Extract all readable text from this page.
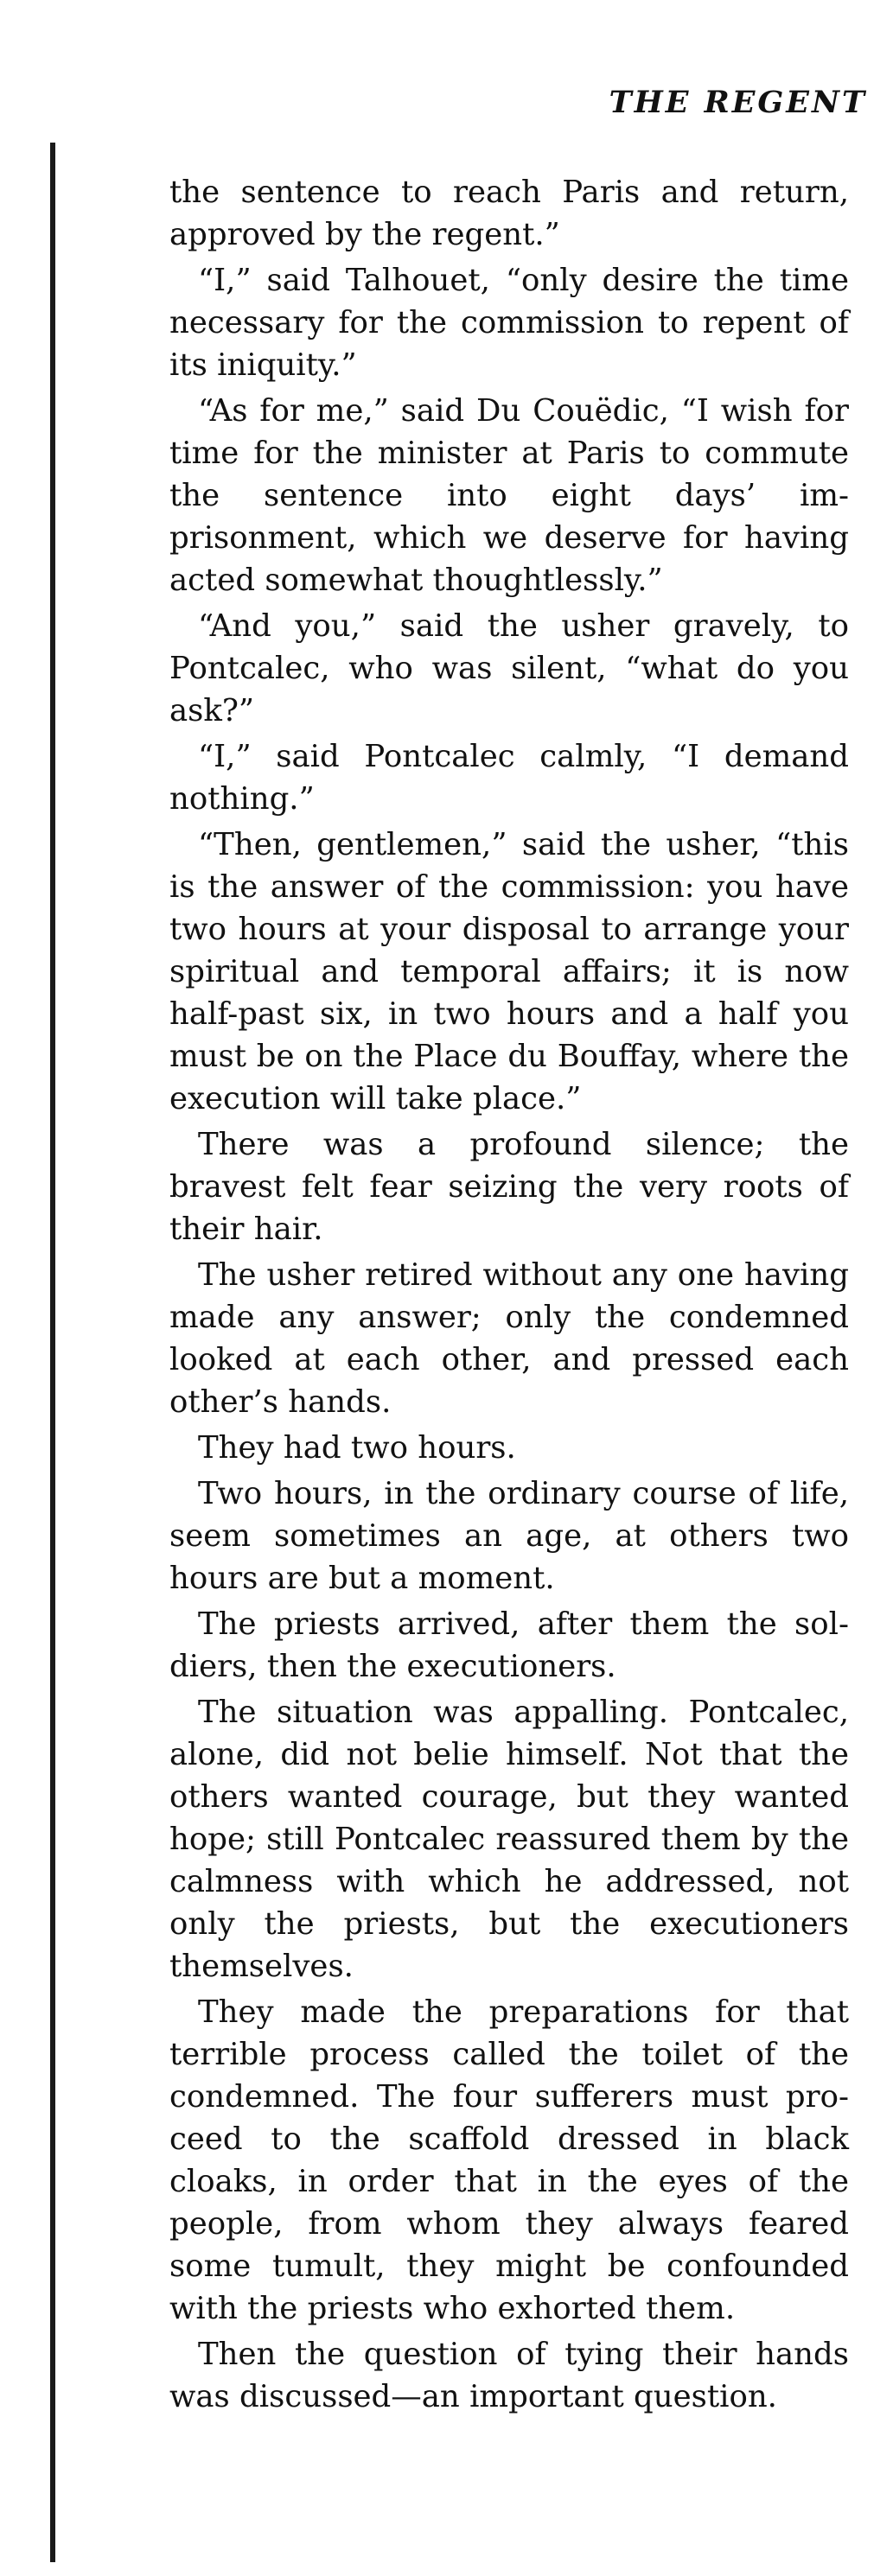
THE REGENT

the sentence to reach Paris and return, approved by the regent.”

“I,” said Talhouet, “only desire the time necessary for the commission to repent of its iniquity.”

“As for me,” said Du Couëdic, “I wish for time for the minister at Paris to commute the sentence into eight days’ imprisonment, which we deserve for having acted somewhat thoughtlessly.”

“And you,” said the usher gravely, to Pontcalec, who was silent, “what do you ask?”

“I,” said Pontcalec calmly, “I demand nothing.”

“Then, gentlemen,” said the usher, “this is the answer of the commission: you have two hours at your disposal to arrange your spiritual and temporal affairs; it is now half-past six, in two hours and a half you must be on the Place du Bouffay, where the execution will take place.”

There was a profound silence; the bravest felt fear seizing the very roots of their hair.

The usher retired without any one having made any answer; only the condemned looked at each other, and pressed each other’s hands.

They had two hours.

Two hours, in the ordinary course of life, seem sometimes an age, at others two hours are but a moment.

The priests arrived, after them the soldiers, then the executioners.

The situation was appalling. Pontcalec, alone, did not belie himself. Not that the others wanted courage, but they wanted hope; still Pontcalec reassured them by the calmness with which he addressed, not only the priests, but the executioners themselves.

They made the preparations for that terrible process called the toilet of the condemned. The four sufferers must proceed to the scaffold dressed in black cloaks, in order that in the eyes of the people, from whom they always feared some tumult, they might be confounded with the priests who exhorted them.

Then the question of tying their hands was discussed—an important question.
